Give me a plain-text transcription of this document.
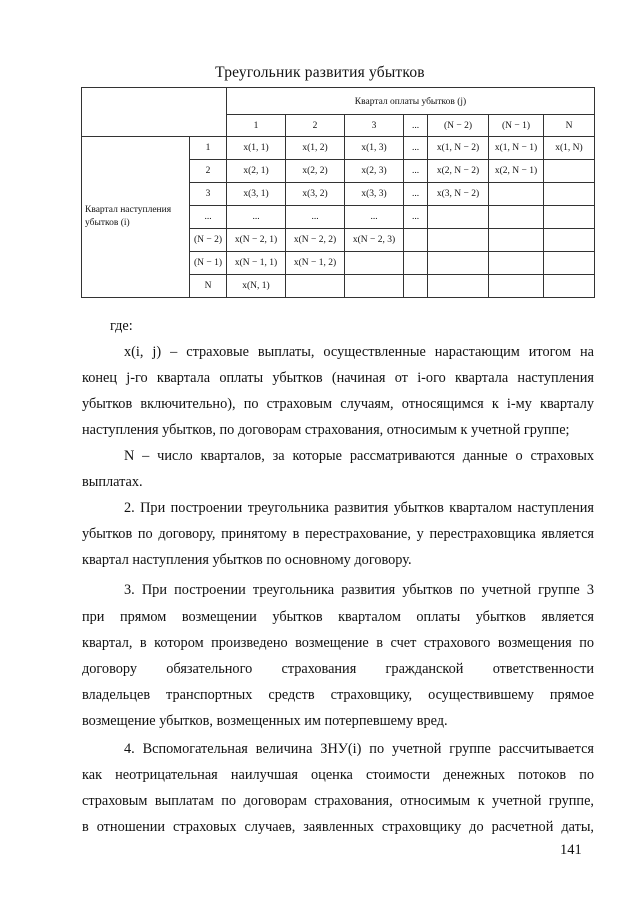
Треугольник развития убытков
		Квартал оплаты убытков (j)						
		1	2	3	...	(N − 2)	(N − 1)	N
Квартал наступления убытков (i)	1	x(1, 1)	x(1, 2)	x(1, 3)	...	x(1, N − 2)	x(1, N − 1)	x(1, N)
	2	x(2, 1)	x(2, 2)	x(2, 3)	...	x(2, N − 2)	x(2, N − 1)	
	3	x(3, 1)	x(3, 2)	x(3, 3)	...	x(3, N − 2)		
	...	...	...	...	...			
	(N − 2)	x(N − 2, 1)	x(N − 2, 2)	x(N − 2, 3)				
	(N − 1)	x(N − 1, 1)	x(N − 1, 2)					
	N	x(N, 1)						
где:
x(i, j) – страховые выплаты, осуществленные нарастающим итогом на
конец j-го квартала оплаты убытков (начиная от i-ого квартала наступления
убытков включительно), по страховым случаям, относящимся к i-му кварталу
наступления убытков, по договорам страхования, относимым к учетной группе;
N – число кварталов, за которые рассматриваются данные о страховых
выплатах.
2. При построении треугольника развития убытков кварталом наступления
убытков по договору, принятому в перестрахование, у перестраховщика является
квартал наступления убытков по основному договору.
3. При построении треугольника развития убытков по учетной группе 3
при прямом возмещении убытков кварталом оплаты убытков является
квартал, в котором произведено возмещение в счет страхового возмещения по
договору обязательного страхования гражданской ответственности
владельцев транспортных средств страховщику, осуществившему прямое
возмещение убытков, возмещенных им потерпевшему вред.
4. Вспомогательная величина ЗНУ(i) по учетной группе рассчитывается
как неотрицательная наилучшая оценка стоимости денежных потоков по
страховым выплатам по договорам страхования, относимым к учетной группе,
в отношении страховых случаев, заявленных страховщику до расчетной даты,
141
